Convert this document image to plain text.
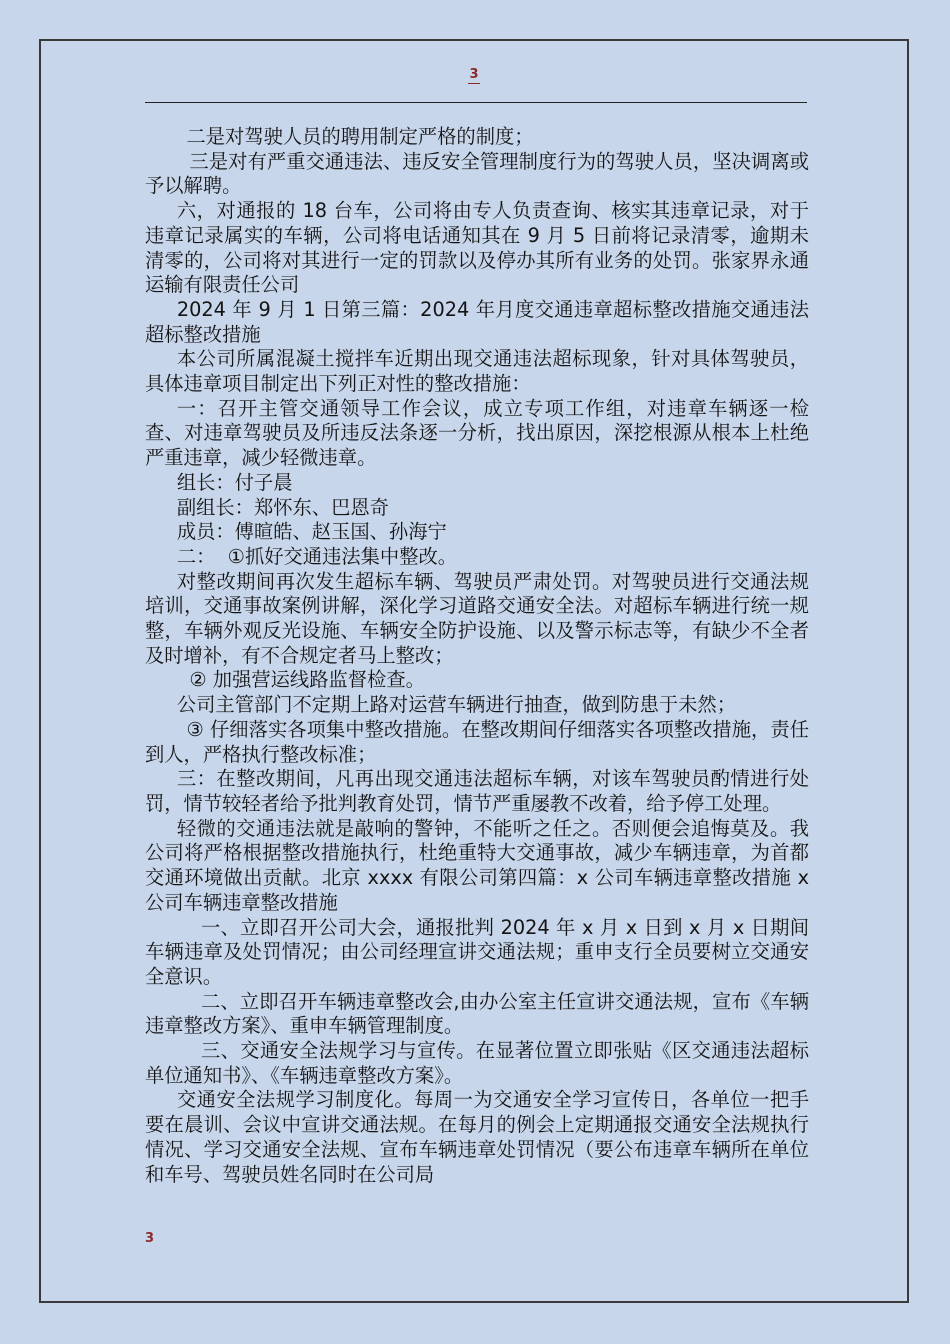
3

二是对驾驶人员的聘用制定严格的制度；

三是对有严重交通违法、违反安全管理制度行为的驾驶人员，坚决调离或予以解聘。

六，对通报的 18 台车，公司将由专人负责查询、核实其违章记录，对于违章记录属实的车辆，公司将电话通知其在 9 月 5 日前将记录清零，逾期未清零的，公司将对其进行一定的罚款以及停办其所有业务的处罚。张家界永通运输有限责任公司

2024 年 9 月 1 日第三篇：2024 年月度交通违章超标整改措施交通违法超标整改措施

本公司所属混凝土搅拌车近期出现交通违法超标现象，针对具体驾驶员，具体违章项目制定出下列正对性的整改措施：

一：召开主管交通领导工作会议，成立专项工作组，对违章车辆逐一检查、对违章驾驶员及所违反法条逐一分析，找出原因，深挖根源从根本上杜绝严重违章，减少轻微违章。

组长：付子晨

副组长：郑怀东、巴恩奇

成员：傅暄皓、赵玉国、孙海宁

二：  ①抓好交通违法集中整改。

对整改期间再次发生超标车辆、驾驶员严肃处罚。对驾驶员进行交通法规培训，交通事故案例讲解，深化学习道路交通安全法。对超标车辆进行统一规整，车辆外观反光设施、车辆安全防护设施、以及警示标志等，有缺少不全者及时增补，有不合规定者马上整改；

② 加强营运线路监督检查。

公司主管部门不定期上路对运营车辆进行抽查，做到防患于未然；

③ 仔细落实各项集中整改措施。在整改期间仔细落实各项整改措施，责任到人，严格执行整改标准；

三：在整改期间，凡再出现交通违法超标车辆，对该车驾驶员酌情进行处罚，情节较轻者给予批判教育处罚，情节严重屡教不改着，给予停工处理。

轻微的交通违法就是敲响的警钟，不能听之任之。否则便会追悔莫及。我公司将严格根据整改措施执行，杜绝重特大交通事故，减少车辆违章，为首都交通环境做出贡献。北京 xxxx 有限公司第四篇：x 公司车辆违章整改措施 x 公司车辆违章整改措施

一、立即召开公司大会，通报批判 2024 年 x 月 x 日到 x 月 x 日期间车辆违章及处罚情况；由公司经理宣讲交通法规；重申支行全员要树立交通安全意识。

二、立即召开车辆违章整改会,由办公室主任宣讲交通法规，宣布《车辆违章整改方案》、重申车辆管理制度。

三、交通安全法规学习与宣传。在显著位置立即张贴《区交通违法超标单位通知书》、《车辆违章整改方案》。

交通安全法规学习制度化。每周一为交通安全学习宣传日，各单位一把手要在晨训、会议中宣讲交通法规。在每月的例会上定期通报交通安全法规执行情况、学习交通安全法规、宣布车辆违章处罚情况（要公布违章车辆所在单位和车号、驾驶员姓名同时在公司局

3
